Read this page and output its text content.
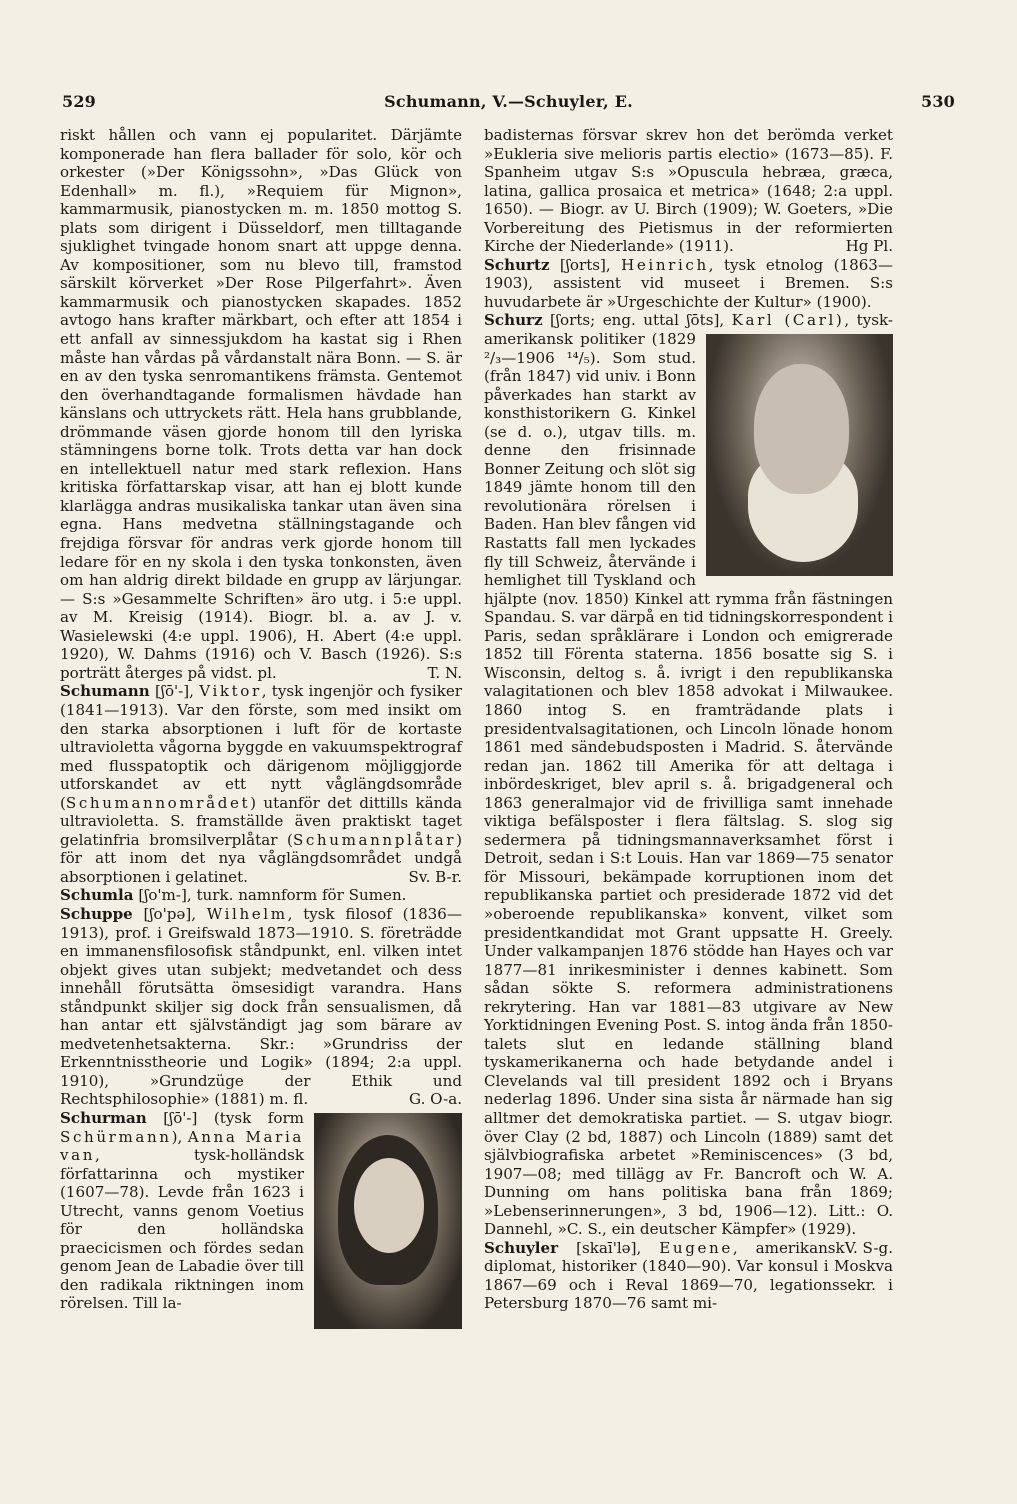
529	Schumann, V.—Schuyler, E.	530

riskt hållen och vann ej popularitet. Därjämte komponerade han flera ballader för solo, kör och orkester (»Der Königssohn», »Das Glück von Edenhall» m. fl.), »Requiem für Mignon», kammarmusik, pianostycken m. m. 1850 mottog S. plats som dirigent i Düsseldorf, men tilltagande sjuklighet tvingade honom snart att uppge denna. Av kompositioner, som nu blevo till, framstod särskilt körverket »Der Rose Pilgerfahrt». Även kammarmusik och pianostycken skapades. 1852 avtogo hans krafter märkbart, och efter att 1854 i ett anfall av sinnessjukdom ha kastat sig i Rhen måste han vårdas på vårdanstalt nära Bonn. — S. är en av den tyska senromantikens främsta. Gentemot den överhandtagande formalismen hävdade han känslans och uttryckets rätt. Hela hans grubblande, drömmande väsen gjorde honom till den lyriska stämningens borne tolk. Trots detta var han dock en intellektuell natur med stark reflexion. Hans kritiska författarskap visar, att han ej blott kunde klarlägga andras musikaliska tankar utan även sina egna. Hans medvetna ställningstagande och frejdiga försvar för andras verk gjorde honom till ledare för en ny skola i den tyska tonkonsten, även om han aldrig direkt bildade en grupp av lärjungar. — S:s »Gesammelte Schriften» äro utg. i 5:e uppl. av M. Kreisig (1914). Biogr. bl. a. av J. v. Wasielewski (4:e uppl. 1906), H. Abert (4:e uppl. 1920), W. Dahms (1916) och V. Basch (1926). S:s porträtt återges på vidst. pl.	T. N.

Schumann [ʃō'-], Viktor, tysk ingenjör och fysiker (1841—1913). Var den förste, som med insikt om den starka absorptionen i luft för de kortaste ultravioletta vågorna byggde en vakuumspektrograf med flusspatoptik och därigenom möjliggjorde utforskandet av ett nytt våglängdsområde (Schumannområdet) utanför det dittills kända ultravioletta. S. framställde även praktiskt taget gelatinfria bromsilverplåtar (Schumannplåtar) för att inom det nya våglängdsområdet undgå absorptionen i gelatinet.	Sv. B-r.

Schumla [ʃo'm-], turk. namnform för Sumen.

Schuppe [ʃo'pə], Wilhelm, tysk filosof (1836—1913), prof. i Greifswald 1873—1910. S. företrädde en immanensfilosofisk ståndpunkt, enl. vilken intet objekt gives utan subjekt; medvetandet och dess innehåll förutsätta ömsesidigt varandra. Hans ståndpunkt skiljer sig dock från sensualismen, då han antar ett självständigt jag som bärare av medvetenhetsakterna. Skr.: »Grundriss der Erkenntnisstheorie und Logik» (1894; 2:a uppl. 1910), »Grundzüge der Ethik und Rechtsphilosophie» (1881) m. fl.	G. O-a.

Schurman [ʃō'-] (tysk form Schürmann), Anna Maria van, tysk-holländsk författarinna och mystiker (1607—78). Levde från 1623 i Utrecht, vanns genom Voetius för den holländska praecicismen och fördes sedan genom Jean de Labadie över till den radikala riktningen inom rörelsen. Till la-

badisternas försvar skrev hon det berömda verket »Eukleria sive melioris partis electio» (1673—85). F. Spanheim utgav S:s »Opuscula hebræa, græca, latina, gallica prosaica et metrica» (1648; 2:a uppl. 1650). — Biogr. av U. Birch (1909); W. Goeters, »Die Vorbereitung des Pietismus in der reformierten Kirche der Niederlande» (1911).	Hg Pl.

Schurtz [ʃorts], Heinrich, tysk etnolog (1863—1903), assistent vid museet i Bremen. S:s huvudarbete är »Urgeschichte der Kultur» (1900).

Schurz [ʃorts; eng. uttal ʃōts], Karl (Carl)
, tysk-amerikansk politiker (1829 ²/₃—1906 ¹⁴/₅). Som stud. (från 1847) vid univ. i Bonn påverkades han starkt av konsthistorikern G. Kinkel (se d. o.), utgav tills. m. denne den frisinnade Bonner Zeitung och slöt sig 1849 jämte honom till den revolutionära rörelsen i Baden. Han blev fången vid Rastatts fall men lyckades fly till Schweiz, återvände i hemlighet till Tyskland och hjälpte (nov. 1850) Kinkel att rymma från fästningen Spandau. S. var därpå en tid tidningskorrespondent i Paris, sedan språklärare i London och emigrerade 1852 till Förenta staterna. 1856 bosatte sig S. i Wisconsin, deltog s. å. ivrigt i den republikanska valagitationen och blev 1858 advokat i Milwaukee. 1860 intog S. en framträdande plats i presidentvalsagitationen, och Lincoln lönade honom 1861 med sändebudsposten i Madrid. S. återvände redan jan. 1862 till Amerika för att deltaga i inbördeskriget, blev april s. å. brigadgeneral och 1863 generalmajor vid de frivilliga samt innehade viktiga befälsposter i flera fältslag. S. slog sig sedermera på tidningsmannaverksamhet först i Detroit, sedan i S:t Louis. Han var 1869—75 senator för Missouri, bekämpade korruptionen inom det republikanska partiet och presiderade 1872 vid det »oberoende republikanska» konvent, vilket som presidentkandidat mot Grant uppsatte H. Greely. Under valkampanjen 1876 stödde han Hayes och var 1877—81 inrikesminister i dennes kabinett. Som sådan sökte S. reformera administrationens rekrytering. Han var 1881—83 utgivare av New Yorktidningen Evening Post. S. intog ända från 1850-talets slut en ledande ställning bland tyskamerikanerna och hade betydande andel i Clevelands val till president 1892 och i Bryans nederlag 1896. Under sina sista år närmade han sig alltmer det demokratiska partiet. — S. utgav biogr. över Clay (2 bd, 1887) och Lincoln (1889) samt det självbiografiska arbetet »Reminiscences» (3 bd, 1907—08; med tillägg av Fr. Bancroft och W. A. Dunning om hans politiska bana från 1869; »Lebenserinnerungen», 3 bd, 1906—12). Litt.: O. Dannehl, »C. S., ein deutscher Kämpfer» (1929).
V. S-g.

Schuyler [skaī'lə], Eugene, amerikansk diplomat, historiker (1840—90). Var konsul i Moskva 1867—69 och i Reval 1869—70, legationssekr. i Petersburg 1870—76 samt mi-
